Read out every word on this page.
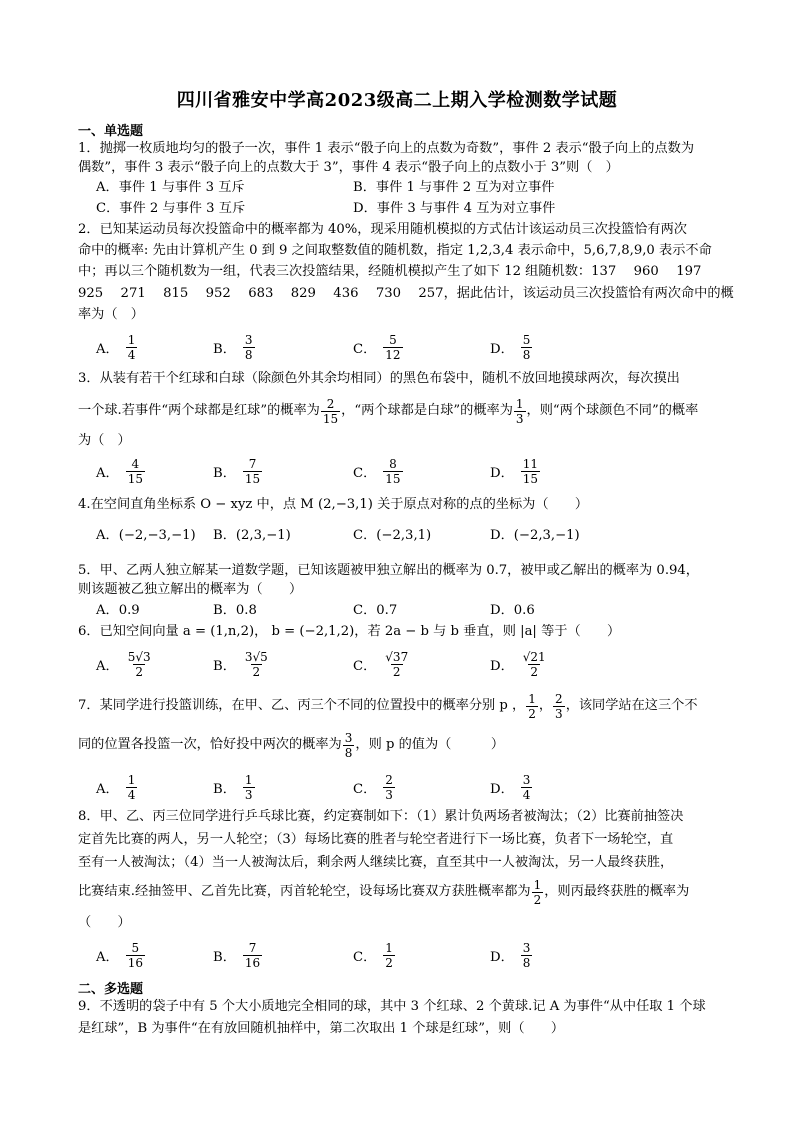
四川省雅安中学高2023级高二上期入学检测数学试题
一、单选题
1．抛掷一枚质地均匀的骰子一次，事件 1 表示“骰子向上的点数为奇数”，事件 2 表示“骰子向上的点数为
偶数”，事件 3 表示“骰子向上的点数大于 3”，事件 4 表示“骰子向上的点数小于 3”则（　）
A．事件 1 与事件 3 互斥	B．事件 1 与事件 2 互为对立事件
C．事件 2 与事件 3 互斥	D．事件 3 与事件 4 互为对立事件
2．已知某运动员每次投篮命中的概率都为 40%，现采用随机模拟的方式估计该运动员三次投篮恰有两次
命中的概率: 先由计算机产生 0 到 9 之间取整数值的随机数，指定 1,2,3,4 表示命中，5,6,7,8,9,0 表示不命
中；再以三个随机数为一组，代表三次投篮结果，经随机模拟产生了如下 12 组随机数：137　 960　 197
925　 271　 815　 952　 683　 829　 436　 730　 257，据此估计，该运动员三次投篮恰有两次命中的概
率为（　）
A． $\frac{1}{4}$	B． $\frac{3}{8}$	C． $\frac{5}{12}$	D． $\frac{5}{8}$
3．从装有若干个红球和白球（除颜色外其余均相同）的黑色布袋中，随机不放回地摸球两次，每次摸出
一个球.若事件“两个球都是红球”的概率为 $\frac{2}{15}$ ，“两个球都是白球”的概率为 $\frac{1}{3}$ ，则“两个球颜色不同”的概率
为（　）
A． $\frac{4}{15}$	B． $\frac{7}{15}$	C． $\frac{8}{15}$	D． $\frac{11}{15}$
4.在空间直角坐标系 O − xyz 中，点 M (2,−3,1) 关于原点对称的点的坐标为（　　）
A．(−2,−3,−1)	B．(2,3,−1)	C．(−2,3,1)	D．(−2,3,−1)
5．甲、乙两人独立解某一道数学题，已知该题被甲独立解出的概率为 0.7，被甲或乙解出的概率为 0.94，
则该题被乙独立解出的概率为（　　）
A．0.9	B．0.8	C．0.7	D．0.6
6．已知空间向量 a = (1,n,2)， b = (−2,1,2)，若 2a − b 与 b 垂直，则 |a| 等于（　　）
A． $\frac{5√3}{2}$	B． $\frac{3√5}{2}$	C． $\frac{√37}{2}$	D． $\frac{√21}{2}$
7．某同学进行投篮训练，在甲、乙、丙三个不同的位置投中的概率分别 p ， $\frac{1}{2}$ ， $\frac{2}{3}$ ，该同学站在这三个不
同的位置各投篮一次，恰好投中两次的概率为 $\frac{3}{8}$ ，则 p 的值为（　　　）
A． $\frac{1}{4}$	B． $\frac{1}{3}$	C． $\frac{2}{3}$	D． $\frac{3}{4}$
8．甲、乙、丙三位同学进行乒乓球比赛，约定赛制如下：（1）累计负两场者被淘汰；（2）比赛前抽签决
定首先比赛的两人，另一人轮空；（3）每场比赛的胜者与轮空者进行下一场比赛，负者下一场轮空，直
至有一人被淘汰；（4）当一人被淘汰后，剩余两人继续比赛，直至其中一人被淘汰，另一人最终获胜，
比赛结束.经抽签甲、乙首先比赛，丙首轮轮空，设每场比赛双方获胜概率都为 $\frac{1}{2}$ ，则丙最终获胜的概率为
（　　）
A． $\frac{5}{16}$	B． $\frac{7}{16}$	C． $\frac{1}{2}$	D． $\frac{3}{8}$
二、多选题
9．不透明的袋子中有 5 个大小质地完全相同的球，其中 3 个红球、2 个黄球.记 A 为事件“从中任取 1 个球
是红球”，B 为事件“在有放回随机抽样中，第二次取出 1 个球是红球”，则（　　）
